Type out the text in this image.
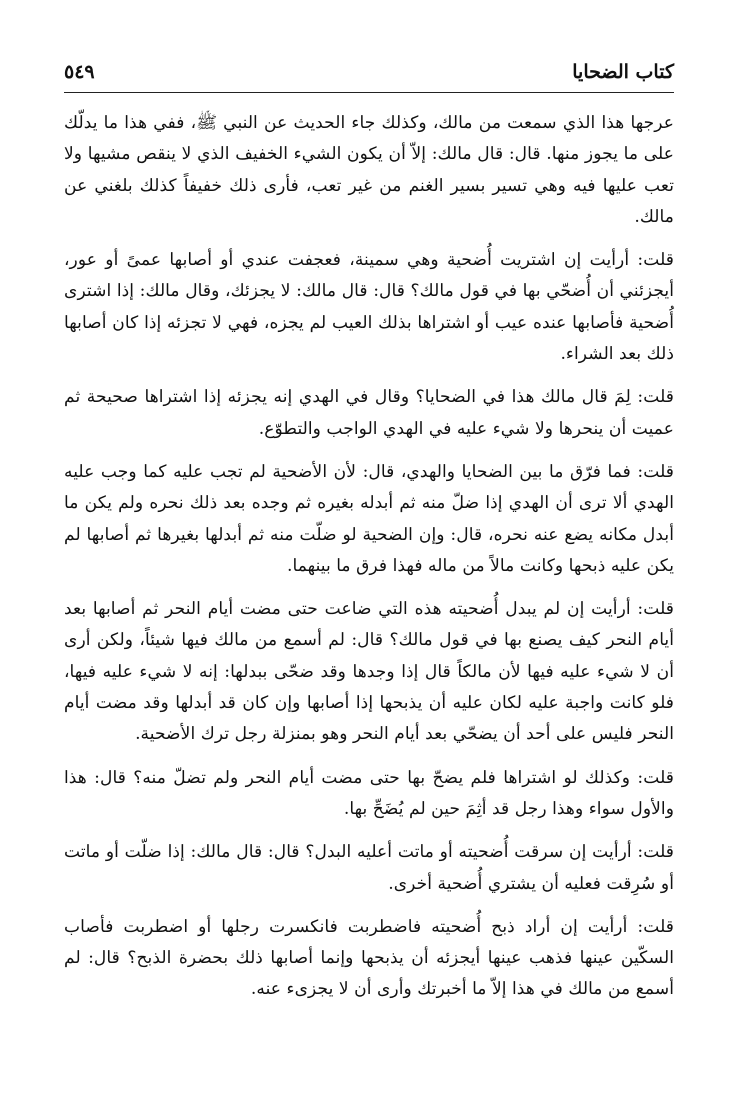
كتاب الضحايا
٥٤٩

عرجها هذا الذي سمعت من مالك، وكذلك جاء الحديث عن النبي ﷺ، ففي هذا ما يدلّك على ما يجوز منها. قال: قال مالك: إلاّ أن يكون الشيء الخفيف الذي لا ينقص مشيها ولا تعب عليها فيه وهي تسير بسير الغنم من غير تعب، فأرى ذلك خفيفاً كذلك بلغني عن مالك.

قلت: أرأيت إن اشتريت أُضحية وهي سمينة، فعجفت عندي أو أصابها عمىً أو عور، أيجزئني أن أُضحّي بها في قول مالك؟ قال: قال مالك: لا يجزئك، وقال مالك: إذا اشترى أُضحية فأصابها عنده عيب أو اشتراها بذلك العيب لم يجزه، فهي لا تجزئه إذا كان أصابها ذلك بعد الشراء.

قلت: لِمَ قال مالك هذا في الضحايا؟ وقال في الهدي إنه يجزئه إذا اشتراها صحيحة ثم عميت أن ينحرها ولا شيء عليه في الهدي الواجب والتطوّع.

قلت: فما فرّق ما بين الضحايا والهدي، قال: لأن الأضحية لم تجب عليه كما وجب عليه الهدي ألا ترى أن الهدي إذا ضلّ منه ثم أبدله بغيره ثم وجده بعد ذلك نحره ولم يكن ما أبدل مكانه يضع عنه نحره، قال: وإن الضحية لو ضلّت منه ثم أبدلها بغيرها ثم أصابها لم يكن عليه ذبحها وكانت مالاً من ماله فهذا فرق ما بينهما.

قلت: أرأيت إن لم يبدل أُضحيته هذه التي ضاعت حتى مضت أيام النحر ثم أصابها بعد أيام النحر كيف يصنع بها في قول مالك؟ قال: لم أسمع من مالك فيها شيئاً، ولكن أرى أن لا شيء عليه فيها لأن مالكاً قال إذا وجدها وقد ضحّى ببدلها: إنه لا شيء عليه فيها، فلو كانت واجبة عليه لكان عليه أن يذبحها إذا أصابها وإن كان قد أبدلها وقد مضت أيام النحر فليس على أحد أن يضحّي بعد أيام النحر وهو بمنزلة رجل ترك الأضحية.

قلت: وكذلك لو اشتراها فلم يضحّ بها حتى مضت أيام النحر ولم تضلّ منه؟ قال: هذا والأول سواء وهذا رجل قد أثِمَ حين لم يُضَحِّ بها.

قلت: أرأيت إن سرقت أُضحيته أو ماتت أعليه البدل؟ قال: قال مالك: إذا ضلّت أو ماتت أو سُرِقت فعليه أن يشتري أُضحية أخرى.

قلت: أرأيت إن أراد ذبح أُضحيته فاضطربت فانكسرت رجلها أو اضطربت فأصاب السكّين عينها فذهب عينها أيجزئه أن يذبحها وإنما أصابها ذلك بحضرة الذبح؟ قال: لم أسمع من مالك في هذا إلاّ ما أخبرتك وأرى أن لا يجزىء عنه.
